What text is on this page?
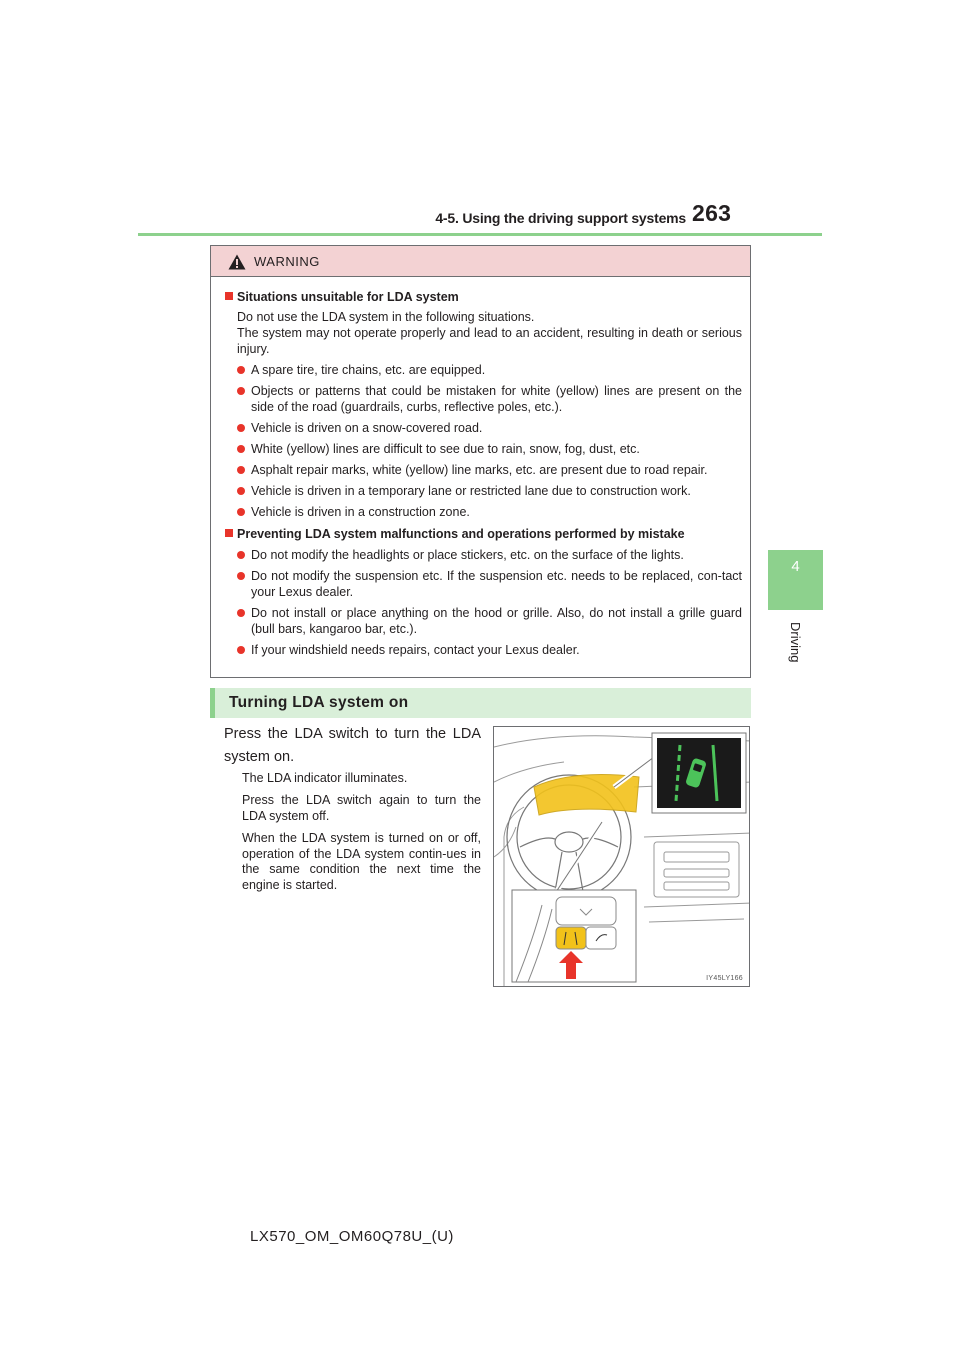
4-5. Using the driving support systems 263
4
Driving
WARNING
Situations unsuitable for LDA system
Do not use the LDA system in the following situations.
The system may not operate properly and lead to an accident, resulting in death or serious injury.
A spare tire, tire chains, etc. are equipped.
Objects or patterns that could be mistaken for white (yellow) lines are present on the side of the road (guardrails, curbs, reflective poles, etc.).
Vehicle is driven on a snow-covered road.
White (yellow) lines are difficult to see due to rain, snow, fog, dust, etc.
Asphalt repair marks, white (yellow) line marks, etc. are present due to road repair.
Vehicle is driven in a temporary lane or restricted lane due to construction work.
Vehicle is driven in a construction zone.
Preventing LDA system malfunctions and operations performed by mistake
Do not modify the headlights or place stickers, etc. on the surface of the lights.
Do not modify the suspension etc. If the suspension etc. needs to be replaced, con-tact your Lexus dealer.
Do not install or place anything on the hood or grille. Also, do not install a grille guard (bull bars, kangaroo bar, etc.).
If your windshield needs repairs, contact your Lexus dealer.
Turning LDA system on
Press the LDA switch to turn the LDA system on.
The LDA indicator illuminates.
Press the LDA switch again to turn the LDA system off.
When the LDA system is turned on or off, operation of the LDA system contin-ues in the same condition the next time the engine is started.
IY45LY166
LX570_OM_OM60Q78U_(U)
